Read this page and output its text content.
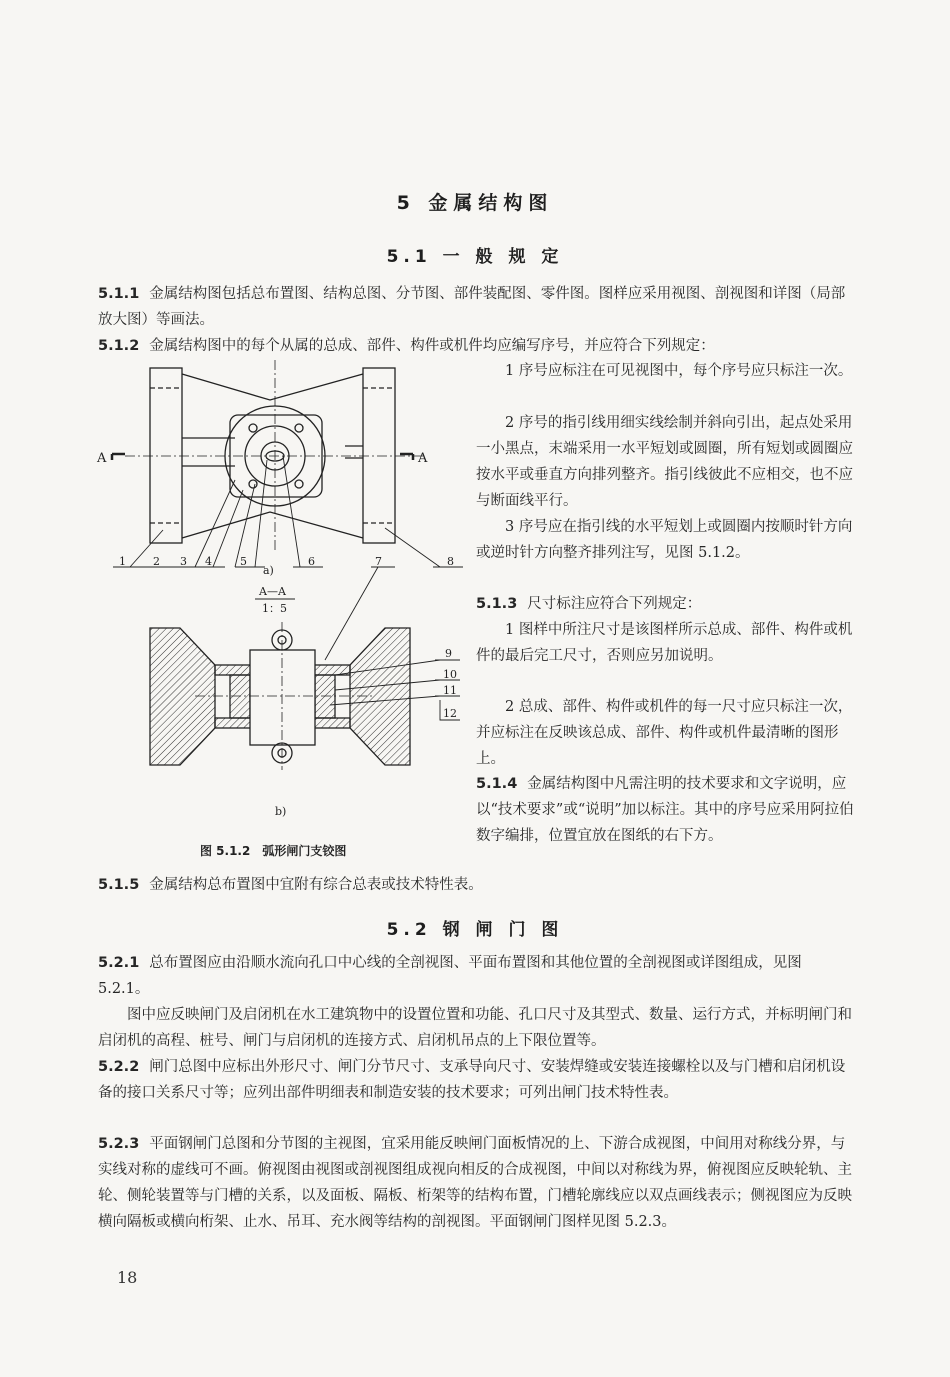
5 金属结构图
5.1 一 般 规 定
5.1.1 金属结构图包括总布置图、结构总图、分节图、部件装配图、零件图。图样应采用视图、剖视图和详图（局部放大图）等画法。
5.1.2 金属结构图中的每个从属的总成、部件、构件或机件均应编写序号，并应符合下列规定：
1 序号应标注在可见视图中，每个序号应只标注一次。
2 序号的指引线用细实线绘制并斜向引出，起点处采用一小黑点，末端采用一水平短划或圆圈，所有短划或圆圈应按水平或垂直方向排列整齐。指引线彼此不应相交，也不应与断面线平行。
3 序号应在指引线的水平短划上或圆圈内按顺时针方向或逆时针方向整齐排列注写，见图 5.1.2。
5.1.3 尺寸标注应符合下列规定：
1 图样中所注尺寸是该图样所示总成、部件、构件或机件的最后完工尺寸，否则应另加说明。
2 总成、部件、构件或机件的每一尺寸应只标注一次，并应标注在反映该总成、部件、构件或机件最清晰的图形上。
5.1.4 金属结构图中凡需注明的技术要求和文字说明，应以“技术要求”或“说明”加以标注。其中的序号应采用阿拉伯数字编排，位置宜放在图纸的右下方。
A	A
1 2 3 4	5	6	8
a)
A—A
1：5
7
9
10
11
12
b)
图 5.1.2　弧形闸门支铰图
5.1.5 金属结构总布置图中宜附有综合总表或技术特性表。
5.2 钢 闸 门 图
5.2.1 总布置图应由沿顺水流向孔口中心线的全剖视图、平面布置图和其他位置的全剖视图或详图组成，见图 5.2.1。
图中应反映闸门及启闭机在水工建筑物中的设置位置和功能、孔口尺寸及其型式、数量、运行方式，并标明闸门和启闭机的高程、桩号、闸门与启闭机的连接方式、启闭机吊点的上下限位置等。
5.2.2 闸门总图中应标出外形尺寸、闸门分节尺寸、支承导向尺寸、安装焊缝或安装连接螺栓以及与门槽和启闭机设备的接口关系尺寸等；应列出部件明细表和制造安装的技术要求；可列出闸门技术特性表。
5.2.3 平面钢闸门总图和分节图的主视图，宜采用能反映闸门面板情况的上、下游合成视图，中间用对称线分界，与实线对称的虚线可不画。俯视图由视图或剖视图组成视向相反的合成视图，中间以对称线为界，俯视图应反映轮轨、主轮、侧轮装置等与门槽的关系，以及面板、隔板、桁架等的结构布置，门槽轮廓线应以双点画线表示；侧视图应为反映横向隔板或横向桁架、止水、吊耳、充水阀等结构的剖视图。平面钢闸门图样见图 5.2.3。
18
